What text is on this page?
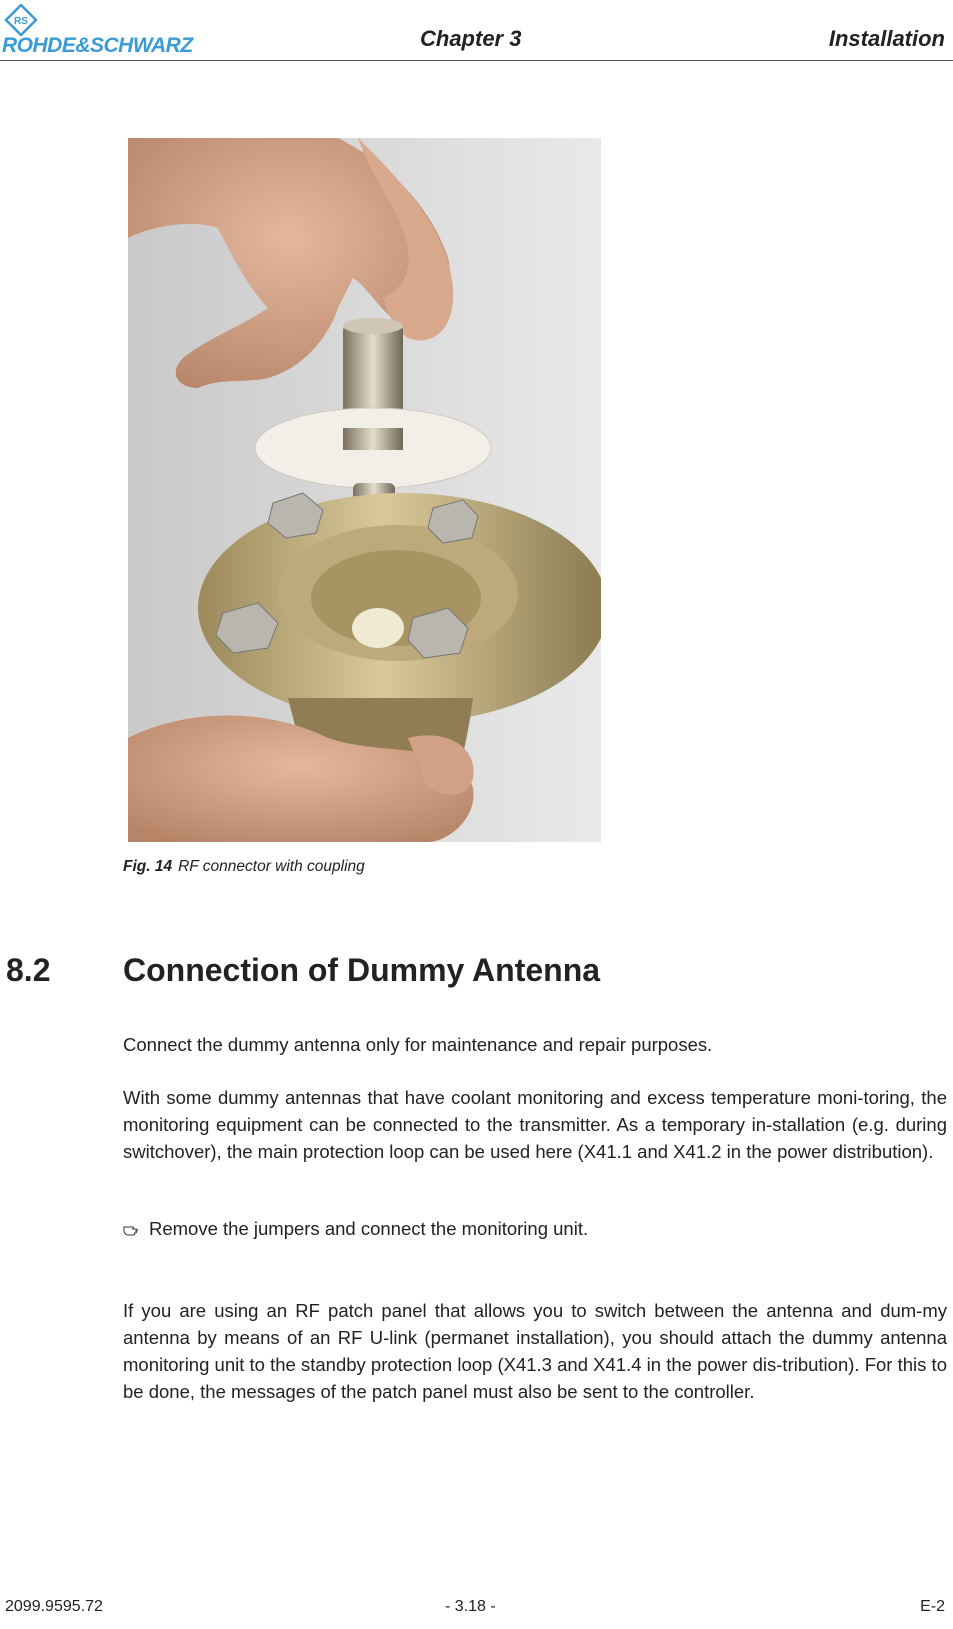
RS
ROHDE&SCHWARZ	Chapter 3	Installation
Fig. 14 RF connector with coupling
8.2 Connection of Dummy Antenna
Connect the dummy antenna only for maintenance and repair purposes.
With some dummy antennas that have coolant monitoring and excess temperature moni-toring, the monitoring equipment can be connected to the transmitter. As a temporary in-stallation (e.g. during switchover), the main protection loop can be used here (X41.1 and X41.2 in the power distribution).
Remove the jumpers and connect the monitoring unit.
If you are using an RF patch panel that allows you to switch between the antenna and dum-my antenna by means of an RF U-link (permanet installation), you should attach the dummy antenna monitoring unit to the standby protection loop (X41.3 and X41.4 in the power dis-tribution). For this to be done, the messages of the patch panel must also be sent to the controller.
2099.9595.72	- 3.18 -	E-2
